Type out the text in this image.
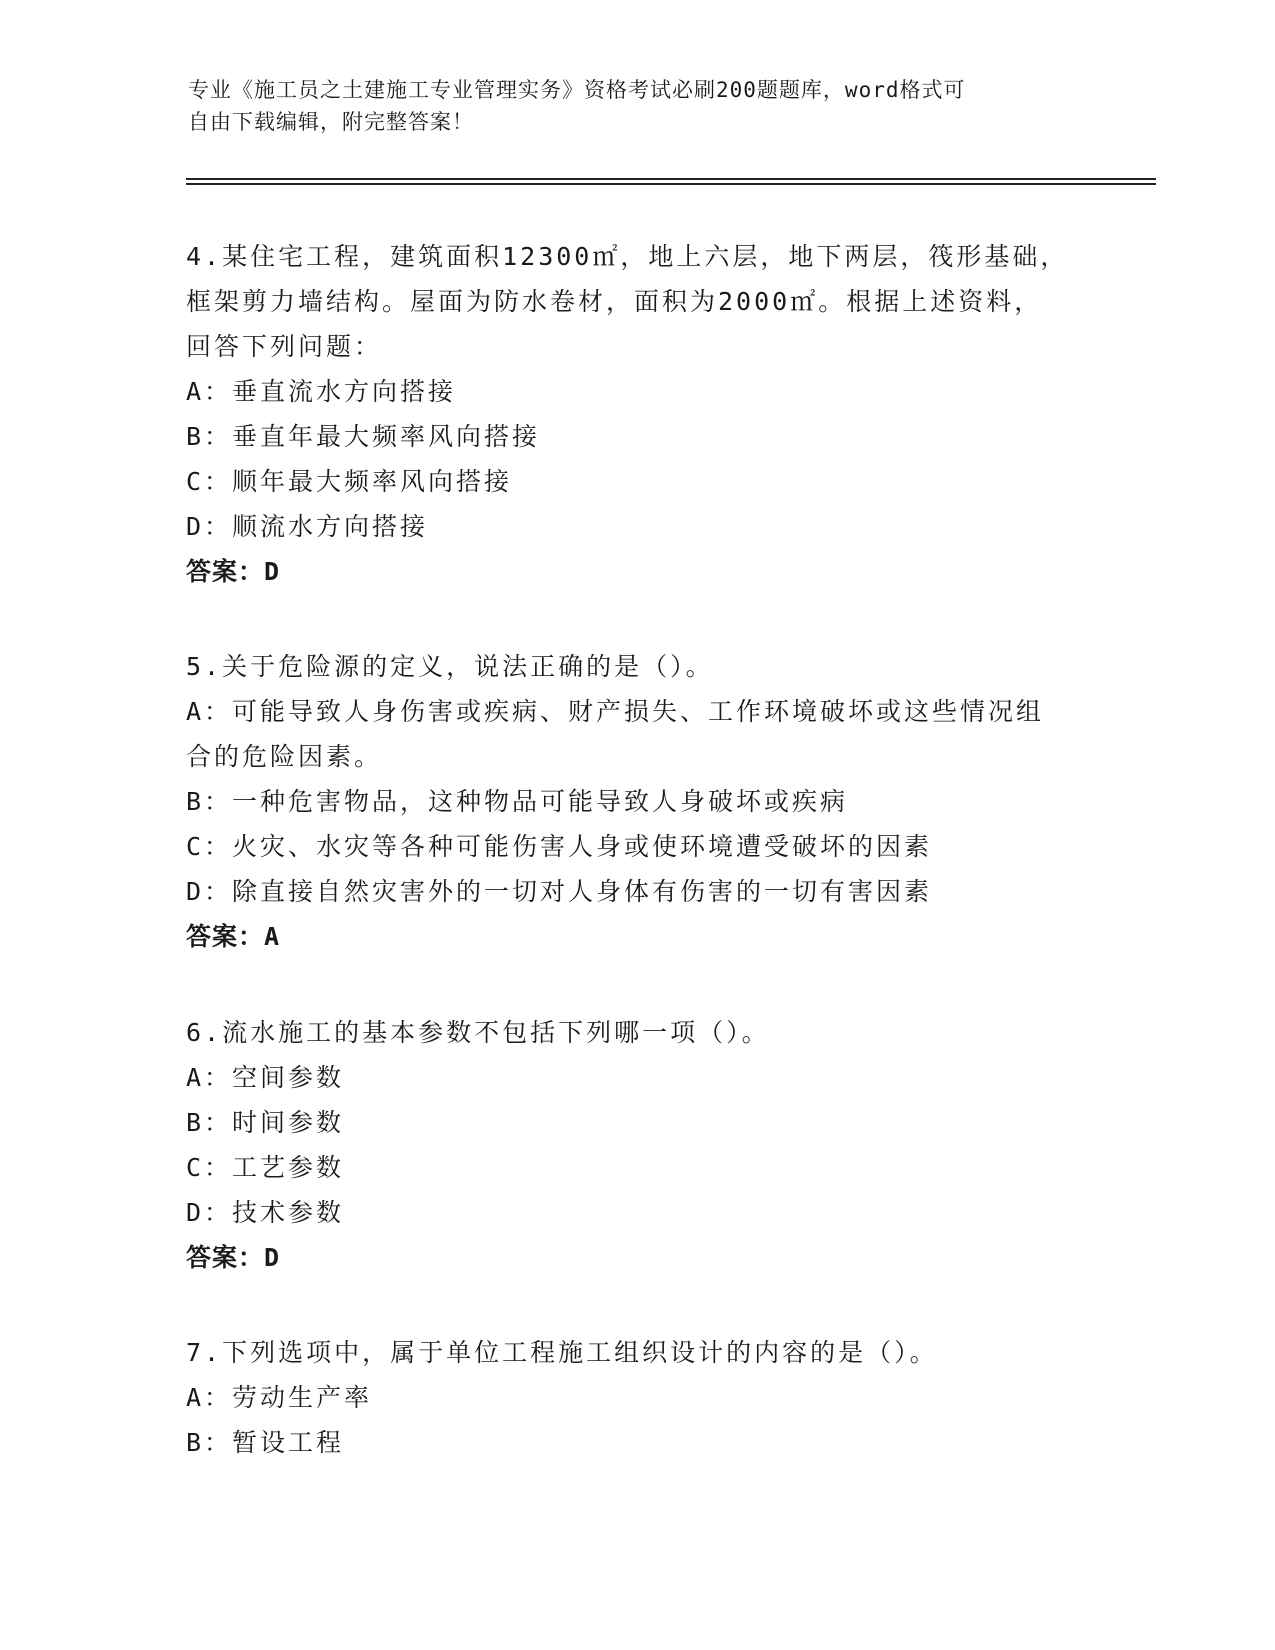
专业《施工员之土建施工专业管理实务》资格考试必刷200题题库，word格式可
自由下载编辑，附完整答案！
4.某住宅工程，建筑面积12300㎡，地上六层，地下两层，筏形基础，
框架剪力墙结构。屋面为防水卷材，面积为2000㎡。根据上述资料，
回答下列问题：
A：垂直流水方向搭接
B：垂直年最大频率风向搭接
C：顺年最大频率风向搭接
D：顺流水方向搭接
答案：D
5.关于危险源的定义，说法正确的是（）。
A：可能导致人身伤害或疾病、财产损失、工作环境破坏或这些情况组
合的危险因素。
B：一种危害物品，这种物品可能导致人身破坏或疾病
C：火灾、水灾等各种可能伤害人身或使环境遭受破坏的因素
D：除直接自然灾害外的一切对人身体有伤害的一切有害因素
答案：A
6.流水施工的基本参数不包括下列哪一项（）。
A：空间参数
B：时间参数
C：工艺参数
D：技术参数
答案：D
7.下列选项中，属于单位工程施工组织设计的内容的是（）。
A：劳动生产率
B：暂设工程
